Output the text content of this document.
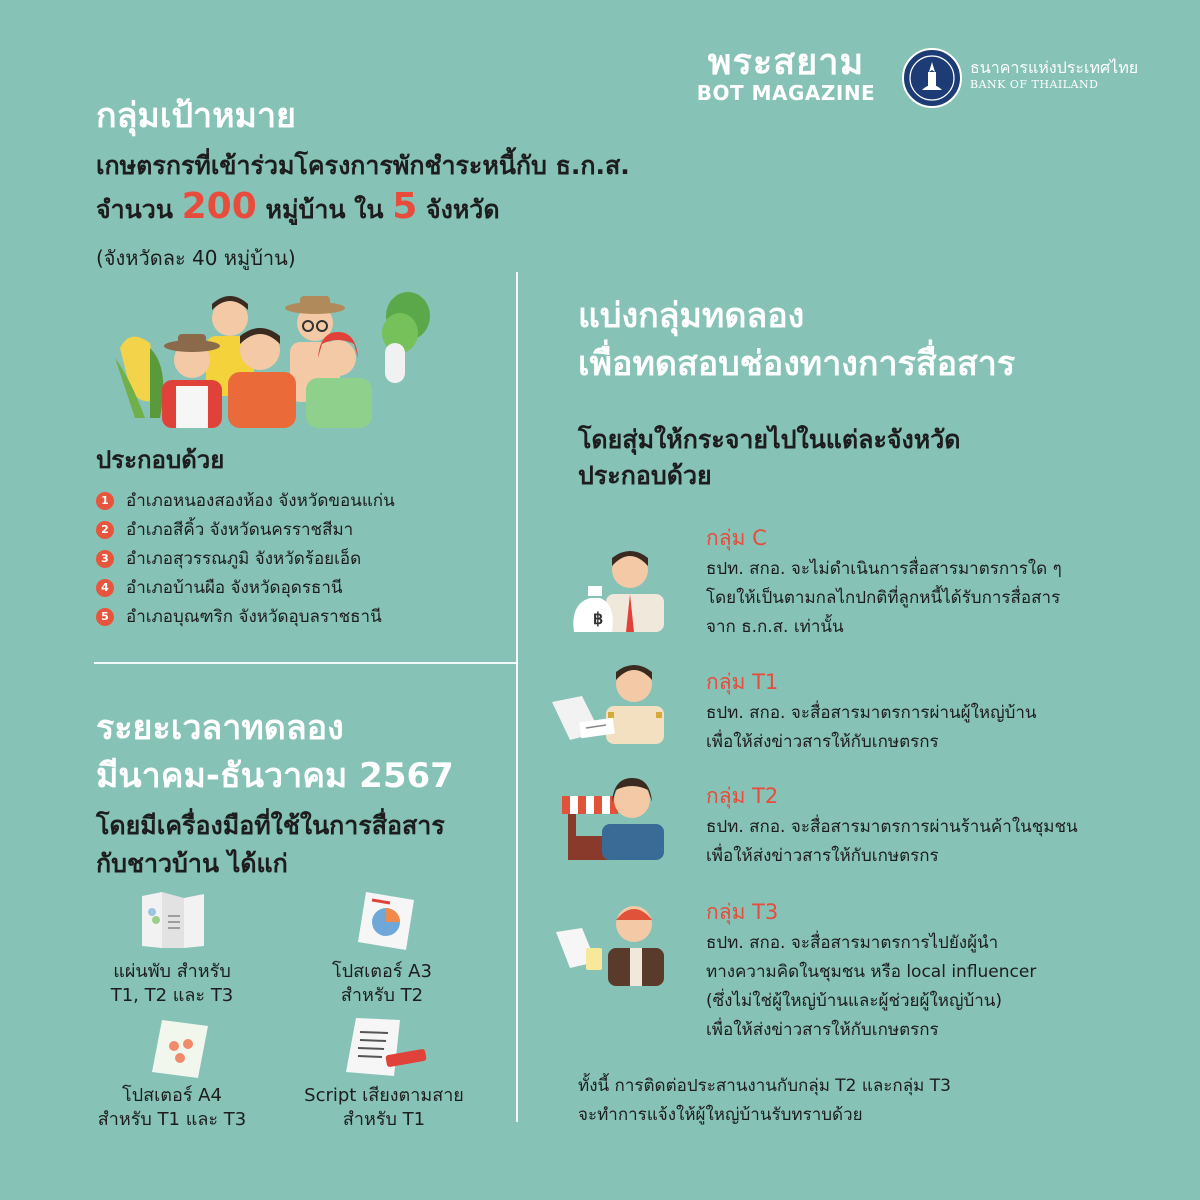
พระสยาม
BOT MAGAZINE
ธนาคารแห่งประเทศไทย
BANK OF THAILAND
กลุ่มเป้าหมาย
เกษตรกรที่เข้าร่วมโครงการพักชำระหนี้กับ ธ.ก.ส.
จำนวน 200 หมู่บ้าน ใน 5 จังหวัด
(จังหวัดละ 40 หมู่บ้าน)
ประกอบด้วย
1	อำเภอหนองสองห้อง จังหวัดขอนแก่น
2	อำเภอสีคิ้ว จังหวัดนครราชสีมา
3	อำเภอสุวรรณภูมิ จังหวัดร้อยเอ็ด
4	อำเภอบ้านผือ จังหวัดอุดรธานี
5	อำเภอบุณฑริก จังหวัดอุบลราชธานี
ระยะเวลาทดลอง
มีนาคม-ธันวาคม 2567
โดยมีเครื่องมือที่ใช้ในการสื่อสาร
กับชาวบ้าน ได้แก่
แผ่นพับ สำหรับ
T1, T2 และ T3
โปสเตอร์ A3
สำหรับ T2
โปสเตอร์ A4
สำหรับ T1 และ T3
Script เสียงตามสาย
สำหรับ T1
แบ่งกลุ่มทดลอง
เพื่อทดสอบช่องทางการสื่อสาร
โดยสุ่มให้กระจายไปในแต่ละจังหวัด
ประกอบด้วย
฿
กลุ่ม C
ธปท. สกอ. จะไม่ดำเนินการสื่อสารมาตรการใด ๆ
โดยให้เป็นตามกลไกปกติที่ลูกหนี้ได้รับการสื่อสาร
จาก ธ.ก.ส. เท่านั้น
กลุ่ม T1
ธปท. สกอ. จะสื่อสารมาตรการผ่านผู้ใหญ่บ้าน
เพื่อให้ส่งข่าวสารให้กับเกษตรกร
กลุ่ม T2
ธปท. สกอ. จะสื่อสารมาตรการผ่านร้านค้าในชุมชน
เพื่อให้ส่งข่าวสารให้กับเกษตรกร
กลุ่ม T3
ธปท. สกอ. จะสื่อสารมาตรการไปยังผู้นำ
ทางความคิดในชุมชน หรือ local influencer
(ซึ่งไม่ใช่ผู้ใหญ่บ้านและผู้ช่วยผู้ใหญ่บ้าน)
เพื่อให้ส่งข่าวสารให้กับเกษตรกร
ทั้งนี้ การติดต่อประสานงานกับกลุ่ม T2 และกลุ่ม T3
จะทำการแจ้งให้ผู้ใหญ่บ้านรับทราบด้วย
